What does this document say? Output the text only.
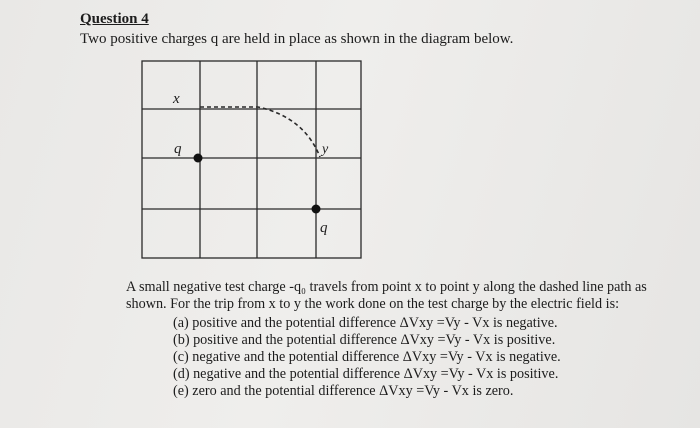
Question 4
Two positive charges q are held in place as shown in the diagram below.
x
y
q
q

A small negative test charge -q₀ travels from point x to point y along the dashed line path as shown. For the trip from x to y the work done on the test charge by the electric field is:

(a) positive and the potential difference ΔVxy =Vy - Vx is negative.
(b) positive and the potential difference ΔVxy =Vy - Vx is positive.
(c) negative and the potential difference ΔVxy =Vy - Vx is negative.
(d) negative and the potential difference ΔVxy =Vy - Vx is positive.
(e) zero and the potential difference ΔVxy =Vy - Vx is zero.
